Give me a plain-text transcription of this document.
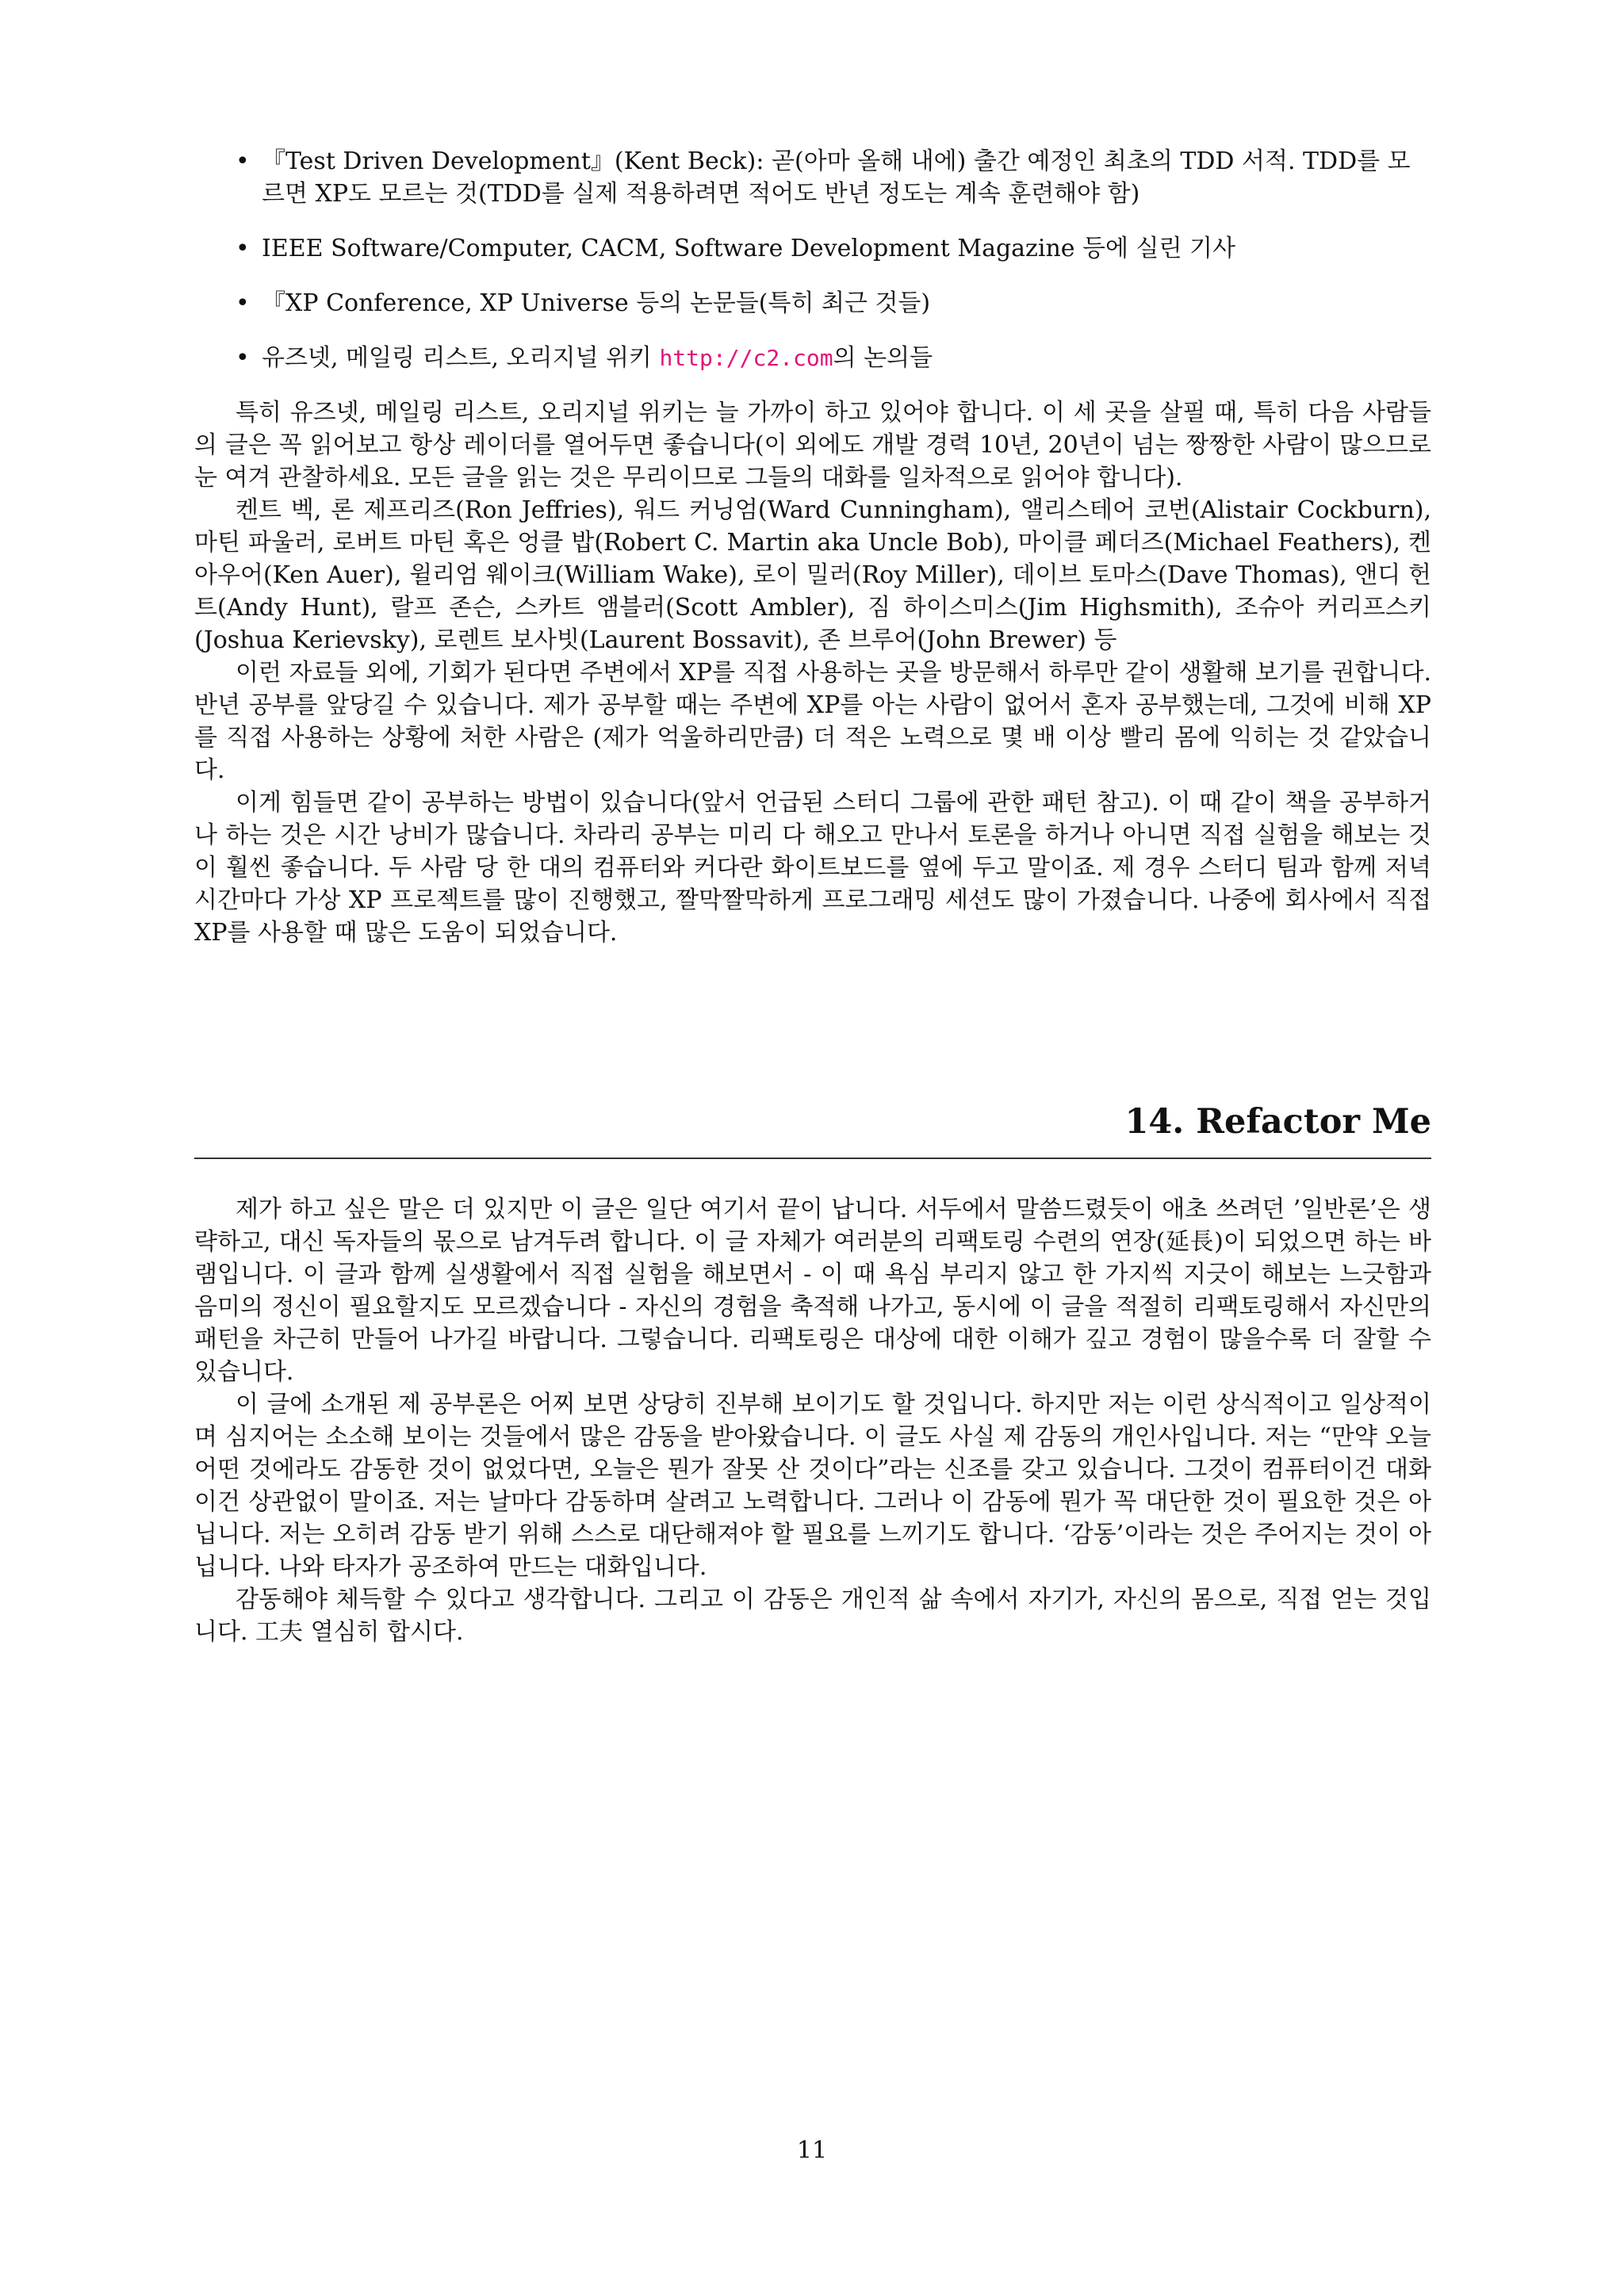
• 『Test Driven Development』(Kent Beck): 곧(아마 올해 내에) 출간 예정인 최초의 TDD 서적. TDD를 모르면 XP도 모르는 것(TDD를 실제 적용하려면 적어도 반년 정도는 계속 훈련해야 함)
• IEEE Software/Computer, CACM, Software Development Magazine 등에 실린 기사
• 『XP Conference, XP Universe 등의 논문들(특히 최근 것들)
• 유즈넷, 메일링 리스트, 오리지널 위키 http://c2.com의 논의들

특히 유즈넷, 메일링 리스트, 오리지널 위키는 늘 가까이 하고 있어야 합니다. 이 세 곳을 살필 때, 특히 다음 사람들의 글은 꼭 읽어보고 항상 레이더를 열어두면 좋습니다(이 외에도 개발 경력 10년, 20년이 넘는 짱짱한 사람이 많으므로 눈 여겨 관찰하세요. 모든 글을 읽는 것은 무리이므로 그들의 대화를 일차적으로 읽어야 합니다).

켄트 벡, 론 제프리즈(Ron Jeffries), 워드 커닝엄(Ward Cunningham), 앨리스테어 코번(Alistair Cockburn), 마틴 파울러, 로버트 마틴 혹은 엉클 밥(Robert C. Martin aka Uncle Bob), 마이클 페더즈(Michael Feathers), 켄 아우어(Ken Auer), 윌리엄 웨이크(William Wake), 로이 밀러(Roy Miller), 데이브 토마스(Dave Thomas), 앤디 헌트(Andy Hunt), 랄프 존슨, 스카트 앰블러(Scott Ambler), 짐 하이스미스(Jim Highsmith), 조슈아 커리프스키(Joshua Kerievsky), 로렌트 보사빗(Laurent Bossavit), 존 브루어(John Brewer) 등

이런 자료들 외에, 기회가 된다면 주변에서 XP를 직접 사용하는 곳을 방문해서 하루만 같이 생활해 보기를 권합니다. 반년 공부를 앞당길 수 있습니다. 제가 공부할 때는 주변에 XP를 아는 사람이 없어서 혼자 공부했는데, 그것에 비해 XP를 직접 사용하는 상황에 처한 사람은 (제가 억울하리만큼) 더 적은 노력으로 몇 배 이상 빨리 몸에 익히는 것 같았습니다.

이게 힘들면 같이 공부하는 방법이 있습니다(앞서 언급된 스터디 그룹에 관한 패턴 참고). 이 때 같이 책을 공부하거나 하는 것은 시간 낭비가 많습니다. 차라리 공부는 미리 다 해오고 만나서 토론을 하거나 아니면 직접 실험을 해보는 것이 훨씬 좋습니다. 두 사람 당 한 대의 컴퓨터와 커다란 화이트보드를 옆에 두고 말이죠. 제 경우 스터디 팀과 함께 저녁 시간마다 가상 XP 프로젝트를 많이 진행했고, 짤막짤막하게 프로그래밍 세션도 많이 가졌습니다. 나중에 회사에서 직접 XP를 사용할 때 많은 도움이 되었습니다.

14. Refactor Me

제가 하고 싶은 말은 더 있지만 이 글은 일단 여기서 끝이 납니다. 서두에서 말씀드렸듯이 애초 쓰려던 ’일반론’은 생략하고, 대신 독자들의 몫으로 남겨두려 합니다. 이 글 자체가 여러분의 리팩토링 수련의 연장(延長)이 되었으면 하는 바램입니다. 이 글과 함께 실생활에서 직접 실험을 해보면서 - 이 때 욕심 부리지 않고 한 가지씩 지긋이 해보는 느긋함과 음미의 정신이 필요할지도 모르겠습니다 - 자신의 경험을 축적해 나가고, 동시에 이 글을 적절히 리팩토링해서 자신만의 패턴을 차근히 만들어 나가길 바랍니다. 그렇습니다. 리팩토링은 대상에 대한 이해가 깊고 경험이 많을수록 더 잘할 수 있습니다.

이 글에 소개된 제 공부론은 어찌 보면 상당히 진부해 보이기도 할 것입니다. 하지만 저는 이런 상식적이고 일상적이며 심지어는 소소해 보이는 것들에서 많은 감동을 받아왔습니다. 이 글도 사실 제 감동의 개인사입니다. 저는 “만약 오늘 어떤 것에라도 감동한 것이 없었다면, 오늘은 뭔가 잘못 산 것이다”라는 신조를 갖고 있습니다. 그것이 컴퓨터이건 대화이건 상관없이 말이죠. 저는 날마다 감동하며 살려고 노력합니다. 그러나 이 감동에 뭔가 꼭 대단한 것이 필요한 것은 아닙니다. 저는 오히려 감동 받기 위해 스스로 대단해져야 할 필요를 느끼기도 합니다. ‘감동’이라는 것은 주어지는 것이 아닙니다. 나와 타자가 공조하여 만드는 대화입니다.

감동해야 체득할 수 있다고 생각합니다. 그리고 이 감동은 개인적 삶 속에서 자기가, 자신의 몸으로, 직접 얻는 것입니다. 工夫 열심히 합시다.

11
